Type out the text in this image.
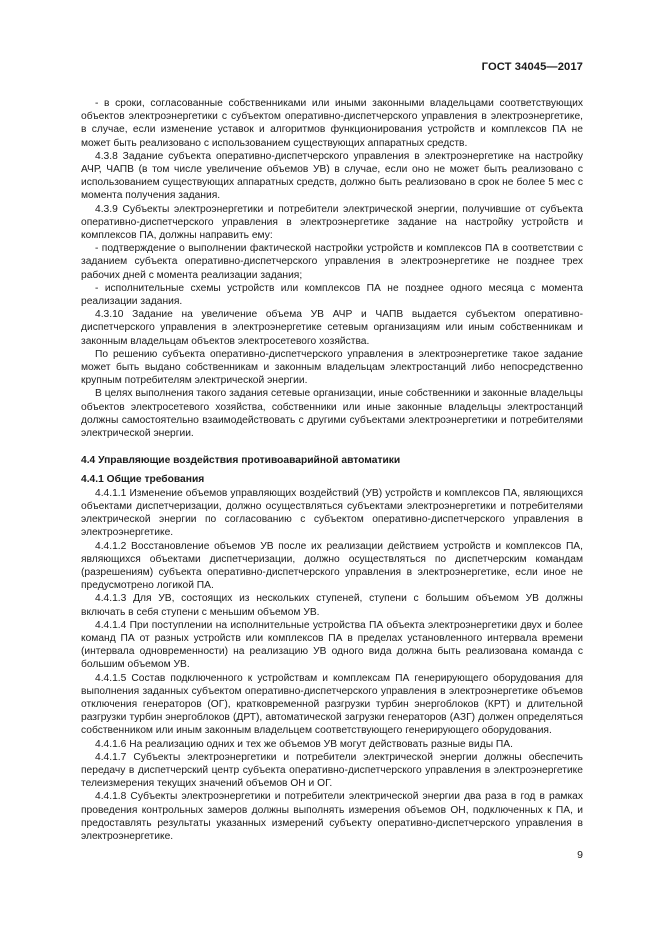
ГОСТ 34045—2017

- в сроки, согласованные собственниками или иными законными владельцами соответствующих объектов электроэнергетики с субъектом оперативно-диспетчерского управления в электроэнергетике, в случае, если изменение уставок и алгоритмов функционирования устройств и комплексов ПА не может быть реализовано с использованием существующих аппаратных средств.

4.3.8 Задание субъекта оперативно-диспетчерского управления в электроэнергетике на настройку АЧР, ЧАПВ (в том числе увеличение объемов УВ) в случае, если оно не может быть реализовано с использованием существующих аппаратных средств, должно быть реализовано в срок не более 5 мес с момента получения задания.

4.3.9 Субъекты электроэнергетики и потребители электрической энергии, получившие от субъекта оперативно-диспетчерского управления в электроэнергетике задание на настройку устройств и комплексов ПА, должны направить ему:

- подтверждение о выполнении фактической настройки устройств и комплексов ПА в соответствии с заданием субъекта оперативно-диспетчерского управления в электроэнергетике не позднее трех рабочих дней с момента реализации задания;

- исполнительные схемы устройств или комплексов ПА не позднее одного месяца с момента реализации задания.

4.3.10 Задание на увеличение объема УВ АЧР и ЧАПВ выдается субъектом оперативно-диспетчерского управления в электроэнергетике сетевым организациям или иным собственникам и законным владельцам объектов электросетевого хозяйства.

По решению субъекта оперативно-диспетчерского управления в электроэнергетике такое задание может быть выдано собственникам и законным владельцам электростанций либо непосредственно крупным потребителям электрической энергии.

В целях выполнения такого задания сетевые организации, иные собственники и законные владельцы объектов электросетевого хозяйства, собственники или иные законные владельцы электростанций должны самостоятельно взаимодействовать с другими субъектами электроэнергетики и потребителями электрической энергии.

4.4 Управляющие воздействия противоаварийной автоматики
4.4.1 Общие требования

4.4.1.1 Изменение объемов управляющих воздействий (УВ) устройств и комплексов ПА, являющихся объектами диспетчеризации, должно осуществляться субъектами электроэнергетики и потребителями электрической энергии по согласованию с субъектом оперативно-диспетчерского управления в электроэнергетике.

4.4.1.2 Восстановление объемов УВ после их реализации действием устройств и комплексов ПА, являющихся объектами диспетчеризации, должно осуществляться по диспетчерским командам (разрешениям) субъекта оперативно-диспетчерского управления в электроэнергетике, если иное не предусмотрено логикой ПА.

4.4.1.3 Для УВ, состоящих из нескольких ступеней, ступени с большим объемом УВ должны включать в себя ступени с меньшим объемом УВ.

4.4.1.4 При поступлении на исполнительные устройства ПА объекта электроэнергетики двух и более команд ПА от разных устройств или комплексов ПА в пределах установленного интервала времени (интервала одновременности) на реализацию УВ одного вида должна быть реализована команда с большим объемом УВ.

4.4.1.5 Состав подключенного к устройствам и комплексам ПА генерирующего оборудования для выполнения заданных субъектом оперативно-диспетчерского управления в электроэнергетике объемов отключения генераторов (ОГ), кратковременной разгрузки турбин энергоблоков (КРТ) и длительной разгрузки турбин энергоблоков (ДРТ), автоматической загрузки генераторов (АЗГ) должен определяться собственником или иным законным владельцем соответствующего генерирующего оборудования.

4.4.1.6 На реализацию одних и тех же объемов УВ могут действовать разные виды ПА.

4.4.1.7 Субъекты электроэнергетики и потребители электрической энергии должны обеспечить передачу в диспетчерский центр субъекта оперативно-диспетчерского управления в электроэнергетике телеизмерения текущих значений объемов ОН и ОГ.

4.4.1.8 Субъекты электроэнергетики и потребители электрической энергии два раза в год в рамках проведения контрольных замеров должны выполнять измерения объемов ОН, подключенных к ПА, и предоставлять результаты указанных измерений субъекту оперативно-диспетчерского управления в электроэнергетике.

9
